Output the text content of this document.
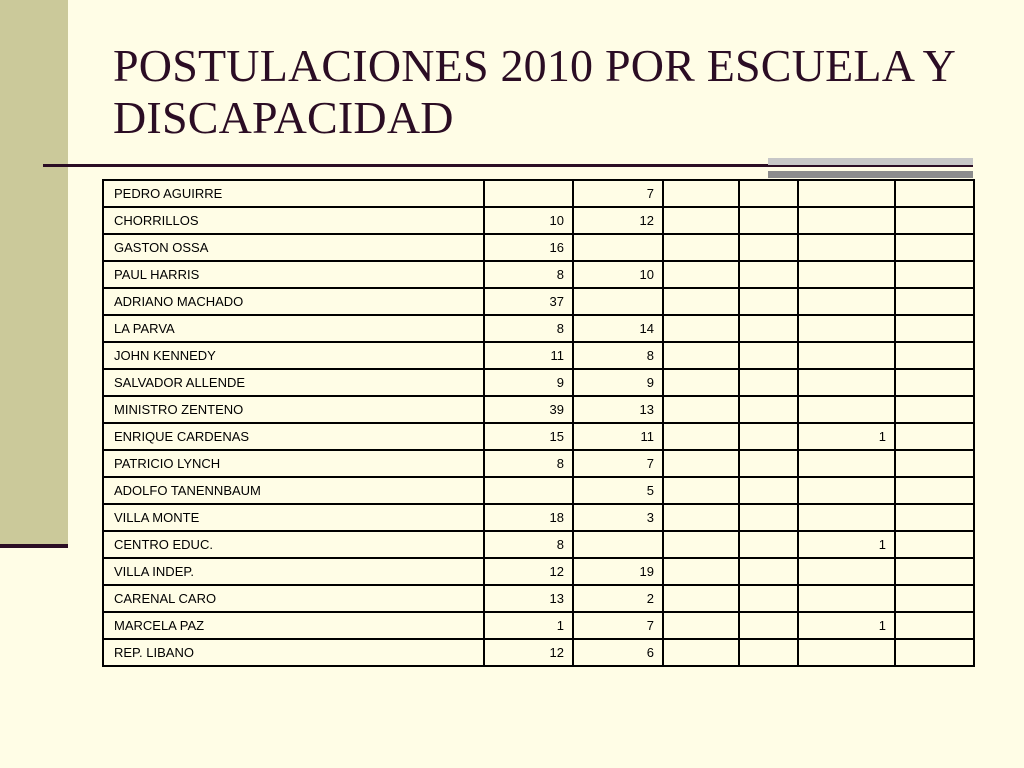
POSTULACIONES 2010 POR ESCUELA Y DISCAPACIDAD
PEDRO AGUIRRE		7				
CHORRILLOS	10	12				
GASTON OSSA	16					
PAUL HARRIS	8	10				
ADRIANO MACHADO	37					
LA PARVA	8	14				
JOHN KENNEDY	11	8				
SALVADOR ALLENDE	9	9				
MINISTRO ZENTENO	39	13				
ENRIQUE CARDENAS	15	11			1	
PATRICIO LYNCH	8	7				
ADOLFO TANENNBAUM		5				
VILLA MONTE	18	3				
CENTRO EDUC.	8				1	
VILLA INDEP.	12	19				
CARENAL CARO	13	2				
MARCELA PAZ	1	7			1	
REP. LIBANO	12	6				
